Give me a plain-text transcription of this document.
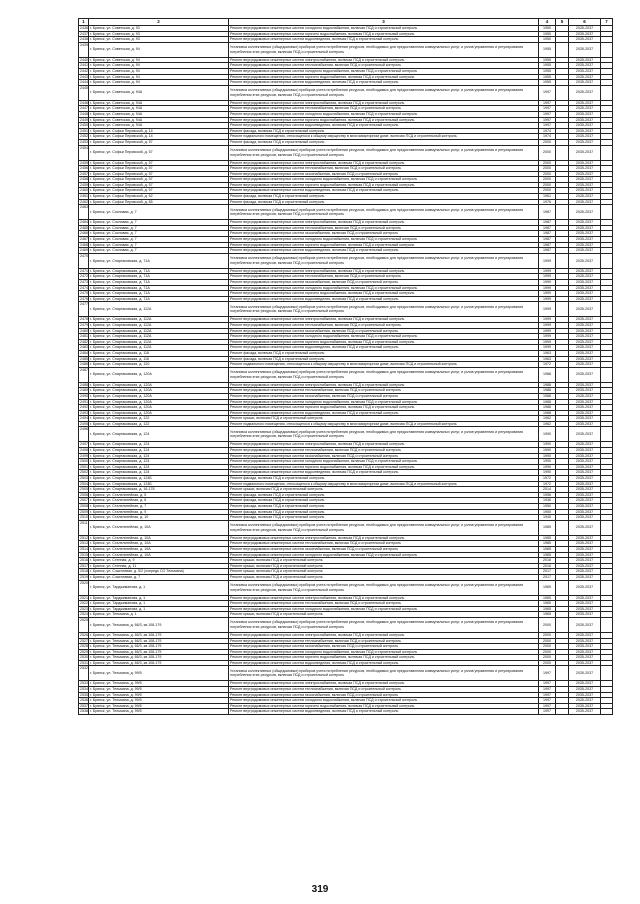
1	2	3	4	5	6	7
2436	г. Брянск, ул. Советская, д. 93	Ремонт внутридомовых инженерных систем холодного водоснабжения, включая ПСД и строительный контроль	1950		2035-2037	
2437	г. Брянск, ул. Советская, д. 93	Ремонт внутридомовых инженерных систем горячего водоснабжения, включая ПСД и строительный контроль	1950		2035-2037	
2438	г. Брянск, ул. Советская, д. 93	Ремонт внутридомовых инженерных систем водоотведения, включая ПСД и строительный контроль	1950		2035-2037	
2439	г. Брянск, ул. Советская, д. 94	Установка коллективных (общедомовых) приборов учета потребления ресурсов, необходимых для предоставления коммунальных услуг, и узлов управления и регулирования потребления этих ресурсов, включая ПСД и строительный контроль	1955		2035-2037	
2440	г. Брянск, ул. Советская, д. 94	Ремонт внутридомовых инженерных систем электроснабжения, включая ПСД и строительный контроль	1955		2035-2037	
2441	г. Брянск, ул. Советская, д. 94	Ремонт внутридомовых инженерных систем теплоснабжения, включая ПСД и строительный контроль	1955		2035-2037	
2442	г. Брянск, ул. Советская, д. 94	Ремонт внутридомовых инженерных систем холодного водоснабжения, включая ПСД и строительный контроль	1955		2035-2037	
2443	г. Брянск, ул. Советская, д. 94	Ремонт внутридомовых инженерных систем горячего водоснабжения, включая ПСД и строительный контроль	1955		2035-2037	
2444	г. Брянск, ул. Советская, д. 94	Ремонт внутридомовых инженерных систем водоотведения, включая ПСД и строительный контроль	1955		2035-2037	
2445	г. Брянск, ул. Советская, д. 94А	Установка коллективных (общедомовых) приборов учета потребления ресурсов, необходимых для предоставления коммунальных услуг, и узлов управления и регулирования потребления этих ресурсов, включая ПСД и строительный контроль	1997		2035-2037	
2446	г. Брянск, ул. Советская, д. 94А	Ремонт внутридомовых инженерных систем электроснабжения, включая ПСД и строительный контроль	1997		2035-2037	
2447	г. Брянск, ул. Советская, д. 94А	Ремонт внутридомовых инженерных систем теплоснабжения, включая ПСД и строительный контроль	1997		2035-2037	
2448	г. Брянск, ул. Советская, д. 94А	Ремонт внутридомовых инженерных систем холодного водоснабжения, включая ПСД и строительный контроль	1997		2035-2037	
2449	г. Брянск, ул. Советская, д. 94А	Ремонт внутридомовых инженерных систем горячего водоснабжения, включая ПСД и строительный контроль	1997		2035-2037	
2450	г. Брянск, ул. Советская, д. 94А	Ремонт внутридомовых инженерных систем водоотведения, включая ПСД и строительный контроль	1997		2035-2037	
2451	г. Брянск, ул. Софьи Перовской, д. 14	Ремонт фасада, включая ПСД и строительный контроль	1974		2035-2037	
2452	г. Брянск, ул. Софьи Перовской, д. 14	Ремонт подвального помещения, относящегося к общему имуществу в многоквартирном доме, включая ПСД и строительный контроль	1974		2035-2037	
2453	г. Брянск, ул. Софьи Перовской, д. 57	Ремонт фасада, включая ПСД и строительный контроль	2000		2035-2037	
2454	г. Брянск, ул. Софьи Перовской, д. 57	Установка коллективных (общедомовых) приборов учета потребления ресурсов, необходимых для предоставления коммунальных услуг, и узлов управления и регулирования потребления этих ресурсов, включая ПСД и строительный контроль	2000		2035-2037	
2455	г. Брянск, ул. Софьи Перовской, д. 57	Ремонт внутридомовых инженерных систем электроснабжения, включая ПСД и строительный контроль	2000		2035-2037	
2456	г. Брянск, ул. Софьи Перовской, д. 57	Ремонт внутридомовых инженерных систем теплоснабжения, включая ПСД и строительный контроль	2000		2035-2037	
2457	г. Брянск, ул. Софьи Перовской, д. 57	Ремонт внутридомовых инженерных систем газоснабжения, включая ПСД и строительный контроль	2000		2035-2037	
2458	г. Брянск, ул. Софьи Перовской, д. 57	Ремонт внутридомовых инженерных систем холодного водоснабжения, включая ПСД и строительный контроль	2000		2035-2037	
2459	г. Брянск, ул. Софьи Перовской, д. 57	Ремонт внутридомовых инженерных систем горячего водоснабжения, включая ПСД и строительный контроль	2000		2035-2037	
2460	г. Брянск, ул. Софьи Перовской, д. 57	Ремонт внутридомовых инженерных систем водоотведения, включая ПСД и строительный контроль	2000		2035-2037	
2461	г. Брянск, ул. Софьи Перовской, д. 62	Ремонт фасада, включая ПСД и строительный контроль	1961		2035-2037	
2462	г. Брянск, ул. Софьи Перовской, д. 85	Ремонт фасада, включая ПСД и строительный контроль	1976		2035-2037	
2463	г. Брянск, ул. Сосновая, д. 7	Установка коллективных (общедомовых) приборов учета потребления ресурсов, необходимых для предоставления коммунальных услуг, и узлов управления и регулирования потребления этих ресурсов, включая ПСД и строительный контроль	1987		2035-2037	
2464	г. Брянск, ул. Сосновая, д. 7	Ремонт внутридомовых инженерных систем электроснабжения, включая ПСД и строительный контроль	1987		2035-2037	
2465	г. Брянск, ул. Сосновая, д. 7	Ремонт внутридомовых инженерных систем теплоснабжения, включая ПСД и строительный контроль	1987		2035-2037	
2466	г. Брянск, ул. Сосновая, д. 7	Ремонт внутридомовых инженерных систем газоснабжения, включая ПСД и строительный контроль	1987		2035-2037	
2467	г. Брянск, ул. Сосновая, д. 7	Ремонт внутридомовых инженерных систем холодного водоснабжения, включая ПСД и строительный контроль	1987		2035-2037	
2468	г. Брянск, ул. Сосновая, д. 7	Ремонт внутридомовых инженерных систем горячего водоснабжения, включая ПСД и строительный контроль	1987		2035-2037	
2469	г. Брянск, ул. Сосновая, д. 7	Ремонт внутридомовых инженерных систем водоотведения, включая ПСД и строительный контроль	1987		2035-2037	
2470	г. Брянск, ул. Спартаковская, д. 71А	Установка коллективных (общедомовых) приборов учета потребления ресурсов, необходимых для предоставления коммунальных услуг, и узлов управления и регулирования потребления этих ресурсов, включая ПСД и строительный контроль	1999		2035-2037	
2471	г. Брянск, ул. Спартаковская, д. 71А	Ремонт внутридомовых инженерных систем электроснабжения, включая ПСД и строительный контроль	1999		2035-2037	
2472	г. Брянск, ул. Спартаковская, д. 71А	Ремонт внутридомовых инженерных систем теплоснабжения, включая ПСД и строительный контроль	1999		2035-2037	
2473	г. Брянск, ул. Спартаковская, д. 71А	Ремонт внутридомовых инженерных систем газоснабжения, включая ПСД и строительный контроль	1999		2035-2037	
2474	г. Брянск, ул. Спартаковская, д. 71А	Ремонт внутридомовых инженерных систем холодного водоснабжения, включая ПСД и строительный контроль	1999		2035-2037	
2475	г. Брянск, ул. Спартаковская, д. 71А	Ремонт внутридомовых инженерных систем горячего водоснабжения, включая ПСД и строительный контроль	1999		2035-2037	
2476	г. Брянск, ул. Спартаковская, д. 71А	Ремонт внутридомовых инженерных систем водоотведения, включая ПСД и строительный контроль	1999		2035-2037	
2477	г. Брянск, ул. Спартаковская, д. 112А	Установка коллективных (общедомовых) приборов учета потребления ресурсов, необходимых для предоставления коммунальных услуг, и узлов управления и регулирования потребления этих ресурсов, включая ПСД и строительный контроль	1999		2035-2037	
2478	г. Брянск, ул. Спартаковская, д. 112А	Ремонт внутридомовых инженерных систем электроснабжения, включая ПСД и строительный контроль	1999		2035-2037	
2479	г. Брянск, ул. Спартаковская, д. 112А	Ремонт внутридомовых инженерных систем теплоснабжения, включая ПСД и строительный контроль	1999		2035-2037	
2480	г. Брянск, ул. Спартаковская, д. 112А	Ремонт внутридомовых инженерных систем газоснабжения, включая ПСД и строительный контроль	1999		2035-2037	
2481	г. Брянск, ул. Спартаковская, д. 112А	Ремонт внутридомовых инженерных систем холодного водоснабжения, включая ПСД и строительный контроль	1999		2035-2037	
2482	г. Брянск, ул. Спартаковская, д. 112А	Ремонт внутридомовых инженерных систем горячего водоснабжения, включая ПСД и строительный контроль	1999		2035-2037	
2483	г. Брянск, ул. Спартаковская, д. 112А	Ремонт внутридомовых инженерных систем водоотведения, включая ПСД и строительный контроль	1999		2035-2037	
2484	г. Брянск, ул. Спартаковская, д. 116	Ремонт фасада, включая ПСД и строительный контроль	1963		2035-2037	
2485	г. Брянск, ул. Спартаковская, д. 116	Ремонт фасада, включая ПСД и строительный контроль	1963		2035-2037	
2486	г. Брянск, ул. Спартаковская, д. 120	Ремонт подвального помещения, относящегося к общему имуществу в многоквартирном доме, включая ПСД и строительный контроль	1972		2035-2037	
2487	г. Брянск, ул. Спартаковская, д. 120А	Установка коллективных (общедомовых) приборов учета потребления ресурсов, необходимых для предоставления коммунальных услуг, и узлов управления и регулирования потребления этих ресурсов, включая ПСД и строительный контроль	1988		2035-2037	
2488	г. Брянск, ул. Спартаковская, д. 120А	Ремонт внутридомовых инженерных систем электроснабжения, включая ПСД и строительный контроль	1988		2035-2037	
2489	г. Брянск, ул. Спартаковская, д. 120А	Ремонт внутридомовых инженерных систем теплоснабжения, включая ПСД и строительный контроль	1988		2035-2037	
2490	г. Брянск, ул. Спартаковская, д. 120А	Ремонт внутридомовых инженерных систем газоснабжения, включая ПСД и строительный контроль	1988		2035-2037	
2491	г. Брянск, ул. Спартаковская, д. 120А	Ремонт внутридомовых инженерных систем холодного водоснабжения, включая ПСД и строительный контроль	1988		2035-2037	
2492	г. Брянск, ул. Спартаковская, д. 120А	Ремонт внутридомовых инженерных систем горячего водоснабжения, включая ПСД и строительный контроль	1988		2035-2037	
2493	г. Брянск, ул. Спартаковская, д. 120А	Ремонт внутридомовых инженерных систем водоотведения, включая ПСД и строительный контроль	1988		2035-2037	
2494	г. Брянск, ул. Спартаковская, д. 122	Ремонт крыши, включая ПСД и строительный контроль	1962		2035-2037	
2495	г. Брянск, ул. Спартаковская, д. 122	Ремонт подвального помещения, относящегося к общему имуществу в многоквартирном доме, включая ПСД и строительный контроль	1962		2035-2037	
2496	г. Брянск, ул. Спартаковская, д. 124	Установка коллективных (общедомовых) приборов учета потребления ресурсов, необходимых для предоставления коммунальных услуг, и узлов управления и регулирования потребления этих ресурсов, включая ПСД и строительный контроль	1990		2035-2037	
2497	г. Брянск, ул. Спартаковская, д. 124	Ремонт внутридомовых инженерных систем электроснабжения, включая ПСД и строительный контроль	1990		2035-2037	
2498	г. Брянск, ул. Спартаковская, д. 124	Ремонт внутридомовых инженерных систем теплоснабжения, включая ПСД и строительный контроль	1990		2035-2037	
2499	г. Брянск, ул. Спартаковская, д. 124	Ремонт внутридомовых инженерных систем газоснабжения, включая ПСД и строительный контроль	1990		2035-2037	
2500	г. Брянск, ул. Спартаковская, д. 124	Ремонт внутридомовых инженерных систем холодного водоснабжения, включая ПСД и строительный контроль	1990		2035-2037	
2501	г. Брянск, ул. Спартаковская, д. 124	Ремонт внутридомовых инженерных систем горячего водоснабжения, включая ПСД и строительный контроль	1990		2035-2037	
2502	г. Брянск, ул. Спартаковская, д. 124	Ремонт внутридомовых инженерных систем водоотведения, включая ПСД и строительный контроль	1990		2035-2037	
2503	г. Брянск, ул. Спартаковская, д. 124Б	Ремонт фасада, включая ПСД и строительный контроль	1972		2035-2037	
2504	г. Брянск, ул. Спартаковская, д. 124Б	Ремонт подвального помещения, относящегося к общему имуществу в многоквартирном доме, включая ПСД и строительный контроль	1972		2035-2037	
2505	г. Брянск, ул. Спартаковская, д. 16-178	Ремонт крыши, включая ПСД и строительный контроль	2014		2035-2037	
2506	г. Брянск, ул. Сталелитейная, д. 5	Ремонт фасада, включая ПСД и строительный контроль	1956		2035-2037	
2507	г. Брянск, ул. Сталелитейная, д. 6	Ремонт фасада, включая ПСД и строительный контроль	1936		2035-2037	
2508	г. Брянск, ул. Сталелитейная, д. 7	Ремонт фасада, включая ПСД и строительный контроль	1950		2035-2037	
2509	г. Брянск, ул. Сталелитейная, д. 9	Ремонт фасада, включая ПСД и строительный контроль	1950		2035-2037	
2510	г. Брянск, ул. Сталелитейная, д. 10	Ремонт фасада, включая ПСД и строительный контроль	1940		2035-2037	
2511	г. Брянск, ул. Сталелитейная, д. 10А	Установка коллективных (общедомовых) приборов учета потребления ресурсов, необходимых для предоставления коммунальных услуг, и узлов управления и регулирования потребления этих ресурсов, включая ПСД и строительный контроль	1985		2035-2037	
2512	г. Брянск, ул. Сталелитейная, д. 10А	Ремонт внутридомовых инженерных систем электроснабжения, включая ПСД и строительный контроль	1985		2035-2037	
2513	г. Брянск, ул. Сталелитейная, д. 10А	Ремонт внутридомовых инженерных систем теплоснабжения, включая ПСД и строительный контроль	1985		2035-2037	
2514	г. Брянск, ул. Сталелитейная, д. 10А	Ремонт внутридомовых инженерных систем газоснабжения, включая ПСД и строительный контроль	1985		2035-2037	
2515	г. Брянск, ул. Сталелитейная, д. 10А	Ремонт внутридомовых инженерных систем холодного водоснабжения, включая ПСД и строительный контроль	1985		2035-2037	
2516	г. Брянск, ул. Степная, д. 9	Ремонт крыши, включая ПСД и строительный контроль	2016		2035-2037	
2517	г. Брянск, ул. Степная, д. 11	Ремонт крыши, включая ПСД и строительный контроль	2016		2035-2037	
2518	г. Брянск, ул. Счастливая, д. 5/2 (очередь СО Тельмана)	Ремонт крыши, включая ПСД и строительный контроль	2017		2035-2037	
2519	г. Брянск, ул. Счастливая, д. 7	Ремонт крыши, включая ПСД и строительный контроль	2017		2035-2037	
2520	г. Брянск, ул. Тарджиманова, д. 1	Установка коллективных (общедомовых) приборов учета потребления ресурсов, необходимых для предоставления коммунальных услуг, и узлов управления и регулирования потребления этих ресурсов, включая ПСД и строительный контроль	1965		2035-2037	
2521	г. Брянск, ул. Тарджиманова, д. 1	Ремонт внутридомовых инженерных систем электроснабжения, включая ПСД и строительный контроль	1965		2035-2037	
2522	г. Брянск, ул. Тарджиманова, д. 1	Ремонт внутридомовых инженерных систем теплоснабжения, включая ПСД и строительный контроль	1965		2035-2037	
2523	г. Брянск, ул. Тарджиманова, д. 1	Ремонт внутридомовых инженерных систем холодного водоснабжения, включая ПСД и строительный контроль	1965		2035-2037	
2524	г. Брянск, ул. Тельмана, д. 1	Ремонт крыши, включая ПСД и строительный контроль	1965		2035-2037	
2525	г. Брянск, ул. Тельмана, д. 66/3, кв.108-179	Установка коллективных (общедомовых) приборов учета потребления ресурсов, необходимых для предоставления коммунальных услуг, и узлов управления и регулирования потребления этих ресурсов, включая ПСД и строительный контроль	2000		2035-2037	
2526	г. Брянск, ул. Тельмана, д. 66/3, кв.108-179	Ремонт внутридомовых инженерных систем электроснабжения, включая ПСД и строительный контроль	2000		2035-2037	
2527	г. Брянск, ул. Тельмана, д. 66/3, кв.108-179	Ремонт внутридомовых инженерных систем теплоснабжения, включая ПСД и строительный контроль	2000		2035-2037	
2528	г. Брянск, ул. Тельмана, д. 66/3, кв.108-179	Ремонт внутридомовых инженерных систем газоснабжения, включая ПСД и строительный контроль	2000		2035-2037	
2529	г. Брянск, ул. Тельмана, д. 66/3, кв.108-179	Ремонт внутридомовых инженерных систем холодного водоснабжения, включая ПСД и строительный контроль	2000		2035-2037	
2530	г. Брянск, ул. Тельмана, д. 66/3, кв.108-179	Ремонт внутридомовых инженерных систем горячего водоснабжения, включая ПСД и строительный контроль	2000		2035-2037	
2531	г. Брянск, ул. Тельмана, д. 66/3, кв.108-179	Ремонт внутридомовых инженерных систем водоотведения, включая ПСД и строительный контроль	2000		2035-2037	
2532	г. Брянск, ул. Тельмана, д. 99/5	Установка коллективных (общедомовых) приборов учета потребления ресурсов, необходимых для предоставления коммунальных услуг, и узлов управления и регулирования потребления этих ресурсов, включая ПСД и строительный контроль	1997		2035-2037	
2533	г. Брянск, ул. Тельмана, д. 99/5	Ремонт внутридомовых инженерных систем электроснабжения, включая ПСД и строительный контроль	1997		2035-2037	
2534	г. Брянск, ул. Тельмана, д. 99/5	Ремонт внутридомовых инженерных систем теплоснабжения, включая ПСД и строительный контроль	1997		2035-2037	
2535	г. Брянск, ул. Тельмана, д. 99/5	Ремонт внутридомовых инженерных систем газоснабжения, включая ПСД и строительный контроль	1997		2035-2037	
2536	г. Брянск, ул. Тельмана, д. 99/5	Ремонт внутридомовых инженерных систем холодного водоснабжения, включая ПСД и строительный контроль	1997		2035-2037	
2537	г. Брянск, ул. Тельмана, д. 99/5	Ремонт внутридомовых инженерных систем горячего водоснабжения, включая ПСД и строительный контроль	1997		2035-2037	
2538	г. Брянск, ул. Тельмана, д. 99/5	Ремонт внутридомовых инженерных систем водоотведения, включая ПСД и строительный контроль	1997		2035-2037	
319
